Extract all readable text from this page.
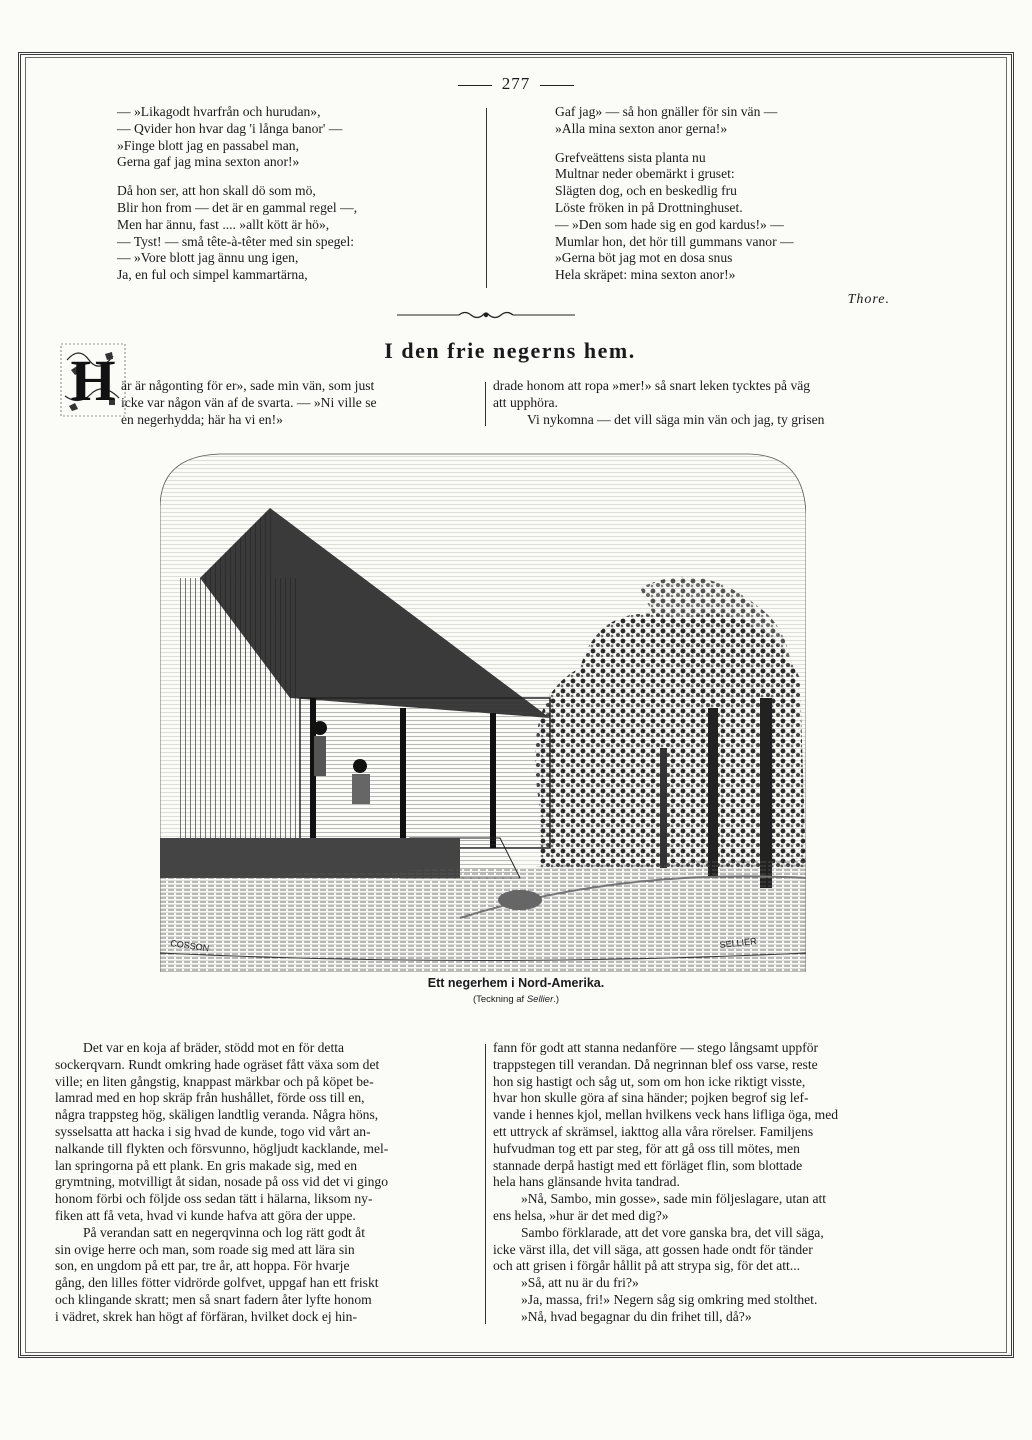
277

— »Likagodt hvarfrån och hurudan»,

— Qvider hon hvar dag 'i långa banor' —

»Finge blott jag en passabel man,

Gerna gaf jag mina sexton anor!»

Då hon ser, att hon skall dö som mö,

Blir hon from — det är en gammal regel —,

Men har ännu, fast .... »allt kött är hö»,

— Tyst! — små tête-à-têter med sin spegel:

— »Vore blott jag ännu ung igen,

Ja, en ful och simpel kammartärna,

Gaf jag» — så hon gnäller för sin vän —

»Alla mina sexton anor gerna!»

Grefveättens sista planta nu

Multnar neder obemärkt i gruset:

Slägten dog, och en beskedlig fru

Löste fröken in på Drottninghuset.

— »Den som hade sig en god kardus!» —

Mumlar hon, det hör till gummans vanor —

»Gerna böt jag mot en dosa snus

Hela skräpet: mina sexton anor!»

Thore.
I den frie negerns hem.
H är är någonting för er», sade min vän, som just

icke var någon vän af de svarta. — »Ni ville se

en negerhydda; här ha vi en!»

drade honom att ropa »mer!» så snart leken tycktes på väg

att upphöra.

Vi nykomna — det vill säga min vän och jag, ty grisen

COSSON	SELLIER
Ett negerhem i Nord-Amerika.
(Teckning af Sellier.)

Det var en koja af bräder, stödd mot en för detta

sockerqvarn. Rundt omkring hade ogräset fått växa som det

ville; en liten gångstig, knappast märkbar och på köpet be-

lamrad med en hop skräp från hushållet, förde oss till en,

några trappsteg hög, skäligen landtlig veranda. Några höns,

sysselsatta att hacka i sig hvad de kunde, togo vid vårt an-

nalkande till flykten och försvunno, högljudt kacklande, mel-

lan springorna på ett plank. En gris makade sig, med en

grymtning, motvilligt åt sidan, nosade på oss vid det vi gingo

honom förbi och följde oss sedan tätt i hälarna, liksom ny-

fiken att få veta, hvad vi kunde hafva att göra der uppe.

På verandan satt en negerqvinna och log rätt godt åt

sin ovige herre och man, som roade sig med att lära sin

son, en ungdom på ett par, tre år, att hoppa. För hvarje

gång, den lilles fötter vidrörde golfvet, uppgaf han ett friskt

och klingande skratt; men så snart fadern åter lyfte honom

i vädret, skrek han högt af förfäran, hvilket dock ej hin-

fann för godt att stanna nedanföre — stego långsamt uppför

trappstegen till verandan. Då negrinnan blef oss varse, reste

hon sig hastigt och såg ut, som om hon icke riktigt visste,

hvar hon skulle göra af sina händer; pojken begrof sig lef-

vande i hennes kjol, mellan hvilkens veck hans lifliga öga, med

ett uttryck af skrämsel, iakttog alla våra rörelser. Familjens

hufvudman tog ett par steg, för att gå oss till mötes, men

stannade derpå hastigt med ett förläget flin, som blottade

hela hans glänsande hvita tandrad.

»Nå, Sambo, min gosse», sade min följeslagare, utan att

ens helsa, »hur är det med dig?»

Sambo förklarade, att det vore ganska bra, det vill säga,

icke värst illa, det vill säga, att gossen hade ondt för tänder

och att grisen i förgår hållit på att strypa sig, för det att...

»Så, att nu är du fri?»

»Ja, massa, fri!» Negern såg sig omkring med stolthet.

»Nå, hvad begagnar du din frihet till, då?»
